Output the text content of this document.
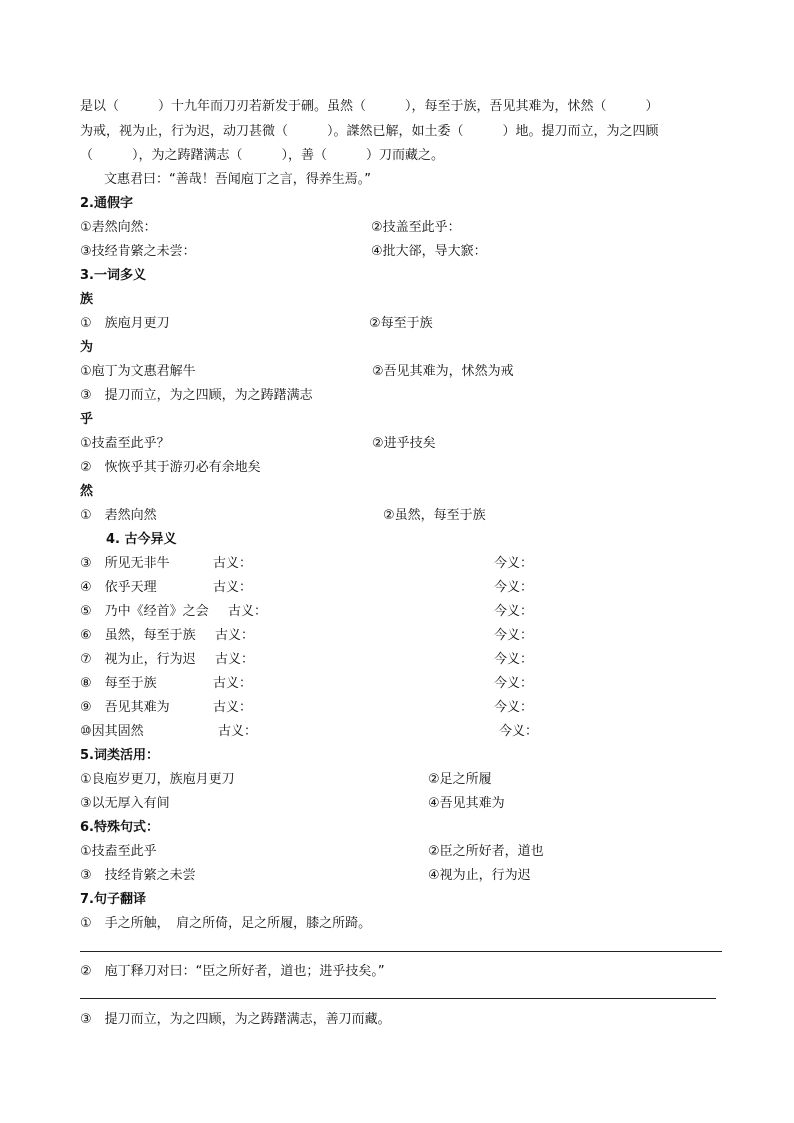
是以（　　　）十九年而刀刃若新发于硎。虽然（　　　），每至于族，吾见其难为，怵然（　　　）
为戒，视为止，行为迟，动刀甚微（　　　）。謋然已解，如土委（　　　）地。提刀而立，为之四顾
（　　　），为之踌躇满志（　　　），善（　　　）刀而藏之。
文惠君曰：“善哉！吾闻庖丁之言，得养生焉。”
2.通假字
①砉然向然：	②技盖至此乎：
③技经肯綮之未尝：	④批大郤，导大窾：
3.一词多义
族
①　族庖月更刀	②每至于族
为
①庖丁为文惠君解牛	②吾见其难为，怵然为戒
③　提刀而立，为之四顾，为之踌躇满志
乎
①技盍至此乎？	②进乎技矣
②　恢恢乎其于游刃必有余地矣
然
①　砉然向然	②虽然，每至于族
4. 古今异义
③　所见无非牛	古义：	今义：
④　依乎天理	古义：	今义：
⑤　乃中《经首》之会 古义：	今义：
⑥　虽然，每至于族 古义：	今义：
⑦　视为止，行为迟 古义：	今义：
⑧　每至于族	古义：	今义：
⑨　吾见其难为	古义：	今义：
⑩因其固然	古义：	今义：
5.词类活用：
①良庖岁更刀，族庖月更刀	②足之所履
③以无厚入有间	④吾见其难为
6.特殊句式：
①技盍至此乎	②臣之所好者，道也
③　技经肯綮之未尝	④视为止，行为迟
7.句子翻译
①　手之所触，　肩之所倚，足之所履，膝之所踦。
②　庖丁释刀对曰：“臣之所好者，道也；进乎技矣。”
③　提刀而立，为之四顾，为之踌躇满志，善刀而藏。
